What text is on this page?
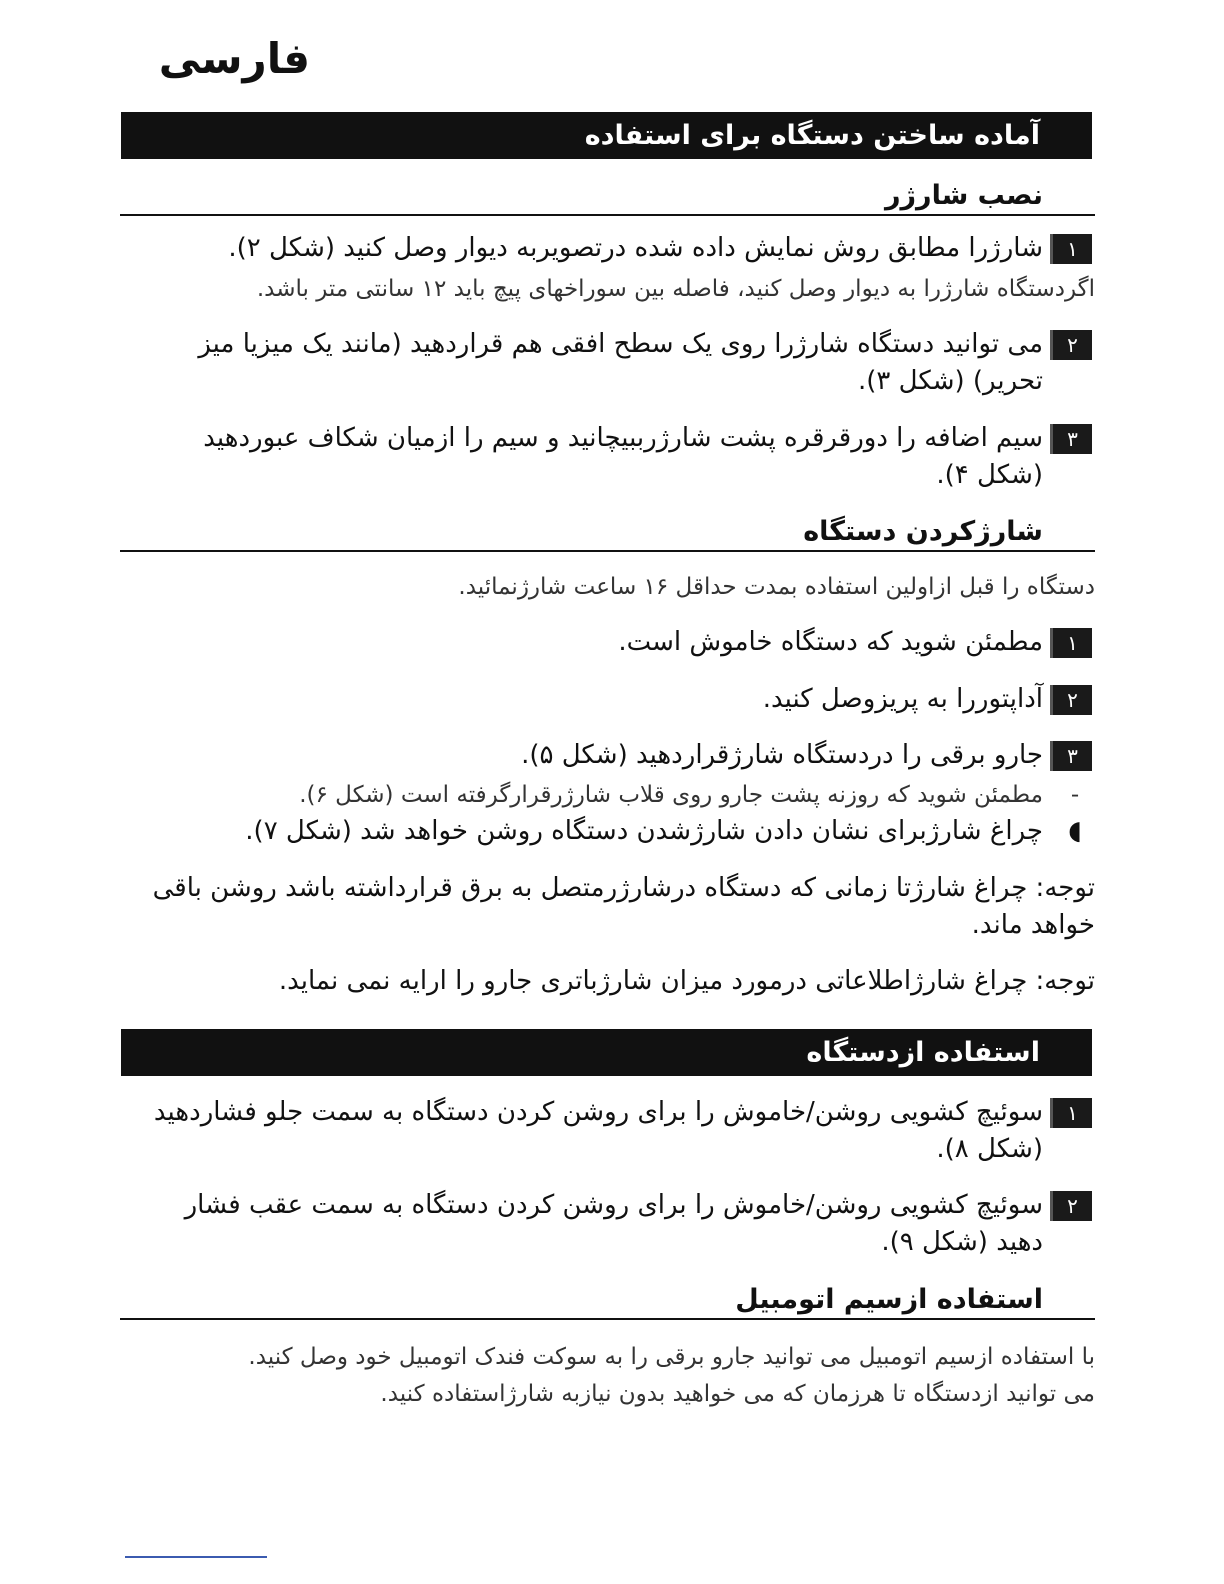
فارسی
آماده ساختن دستگاه برای استفاده
نصب شارژر
١
شارژرا مطابق روش نمایش داده شده درتصویربه دیوار وصل کنید (شکل ٢).
اگردستگاه شارژرا به دیوار وصل کنید، فاصله بین سوراخهای پیچ باید ١٢ سانتی متر باشد.
٢
می توانید دستگاه شارژرا روی یک سطح افقی هم قراردهید (مانند یک میزیا میز تحریر) (شکل ٣).
٣
سیم اضافه را دورقرقره پشت شارژرببیچانید و سیم را ازمیان شکاف عبوردهید (شکل ۴).
شارژکردن دستگاه
دستگاه را قبل ازاولین استفاده بمدت حداقل ١۶ ساعت شارژنمائید.
١
مطمئن شوید که دستگاه خاموش است.
٢
آداپتوررا به پریزوصل کنید.
٣
جارو برقی را دردستگاه شارژقراردهید (شکل ۵).
-
مطمئن شوید که روزنه پشت جارو روی قلاب شارژرقرارگرفته است (شکل ۶).
◖
چراغ شارژبرای نشان دادن شارژشدن دستگاه روشن خواهد شد (شکل ٧).
توجه: چراغ شارژتا زمانی که دستگاه درشارژرمتصل به برق قرارداشته باشد روشن باقی خواهد ماند.
توجه: چراغ شارژاطلاعاتی درمورد میزان شارژباتری جارو را ارایه نمی نماید.
استفاده ازدستگاه
١
سوئیچ کشویی روشن/خاموش را برای روشن کردن دستگاه به سمت جلو فشاردهید (شکل ٨).
٢
سوئیچ کشویی روشن/خاموش را برای روشن کردن دستگاه به سمت عقب فشار دهید (شکل ٩).
استفاده ازسیم اتومبیل
با استفاده ازسیم اتومبیل می توانید جارو برقی را به سوکت فندک اتومبیل خود وصل کنید.
می توانید ازدستگاه تا هرزمان که می خواهید بدون نیازبه شارژاستفاده کنید.
